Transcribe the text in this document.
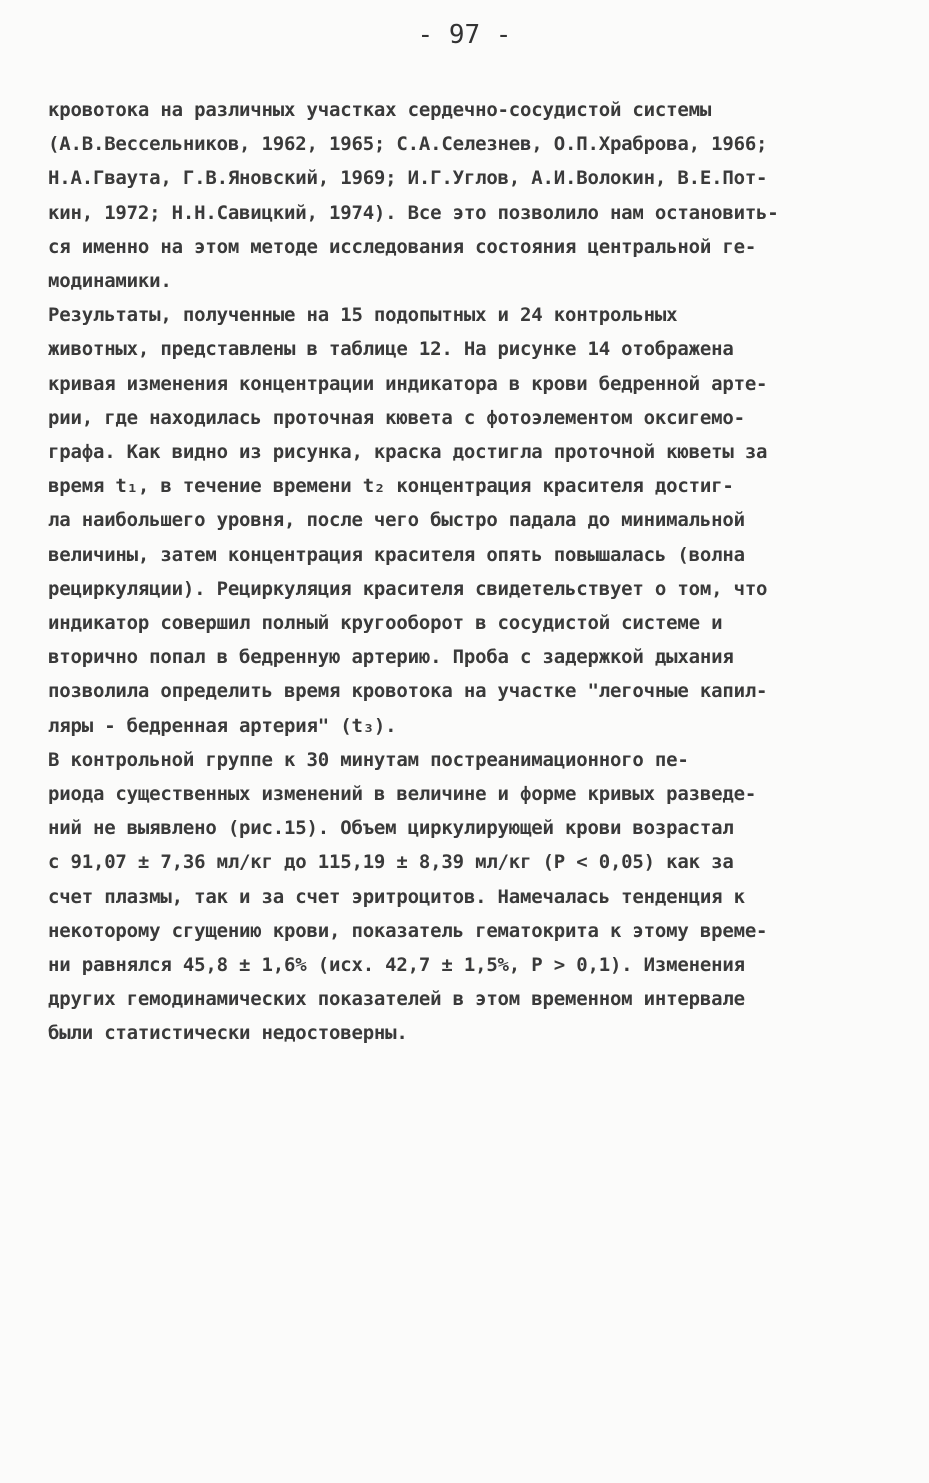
- 97 -
кровотока на различных участках сердечно-сосудистой системы
(А.В.Вессельников, 1962, 1965; С.А.Селезнев, О.П.Храброва, 1966;
Н.А.Гваута, Г.В.Яновский, 1969; И.Г.Углов, А.И.Волокин, В.Е.Пот-
кин, 1972; Н.Н.Савицкий, 1974). Все это позволило нам остановить-
ся именно на этом методе исследования состояния центральной ге-
модинамики.
Результаты, полученные на 15 подопытных и 24 контрольных
животных, представлены в таблице 12. На рисунке 14 отображена
кривая изменения концентрации индикатора в крови бедренной арте-
рии, где находилась проточная кювета с фотоэлементом оксигемо-
графа. Как видно из рисунка, краска достигла проточной кюветы за
время t₁, в течение времени t₂ концентрация красителя достиг-
ла наибольшего уровня, после чего быстро падала до минимальной
величины, затем концентрация красителя опять повышалась (волна
рециркуляции). Рециркуляция красителя свидетельствует о том, что
индикатор совершил полный кругооборот в сосудистой системе и
вторично попал в бедренную артерию. Проба с задержкой дыхания
позволила определить время кровотока на участке "легочные капил-
ляры - бедренная артерия" (t₃).
В контрольной группе к 30 минутам постреанимационного пе-
риода существенных изменений в величине и форме кривых разведе-
ний не выявлено (рис.15). Объем циркулирующей крови возрастал
с 91,07 ± 7,36 мл/кг до 115,19 ± 8,39 мл/кг (Р < 0,05) как за
счет плазмы, так и за счет эритроцитов. Намечалась тенденция к
некоторому сгущению крови, показатель гематокрита к этому време-
ни равнялся 45,8 ± 1,6% (исх. 42,7 ± 1,5%, Р > 0,1). Изменения
других гемодинамических показателей в этом временном интервале
были статистически недостоверны.
